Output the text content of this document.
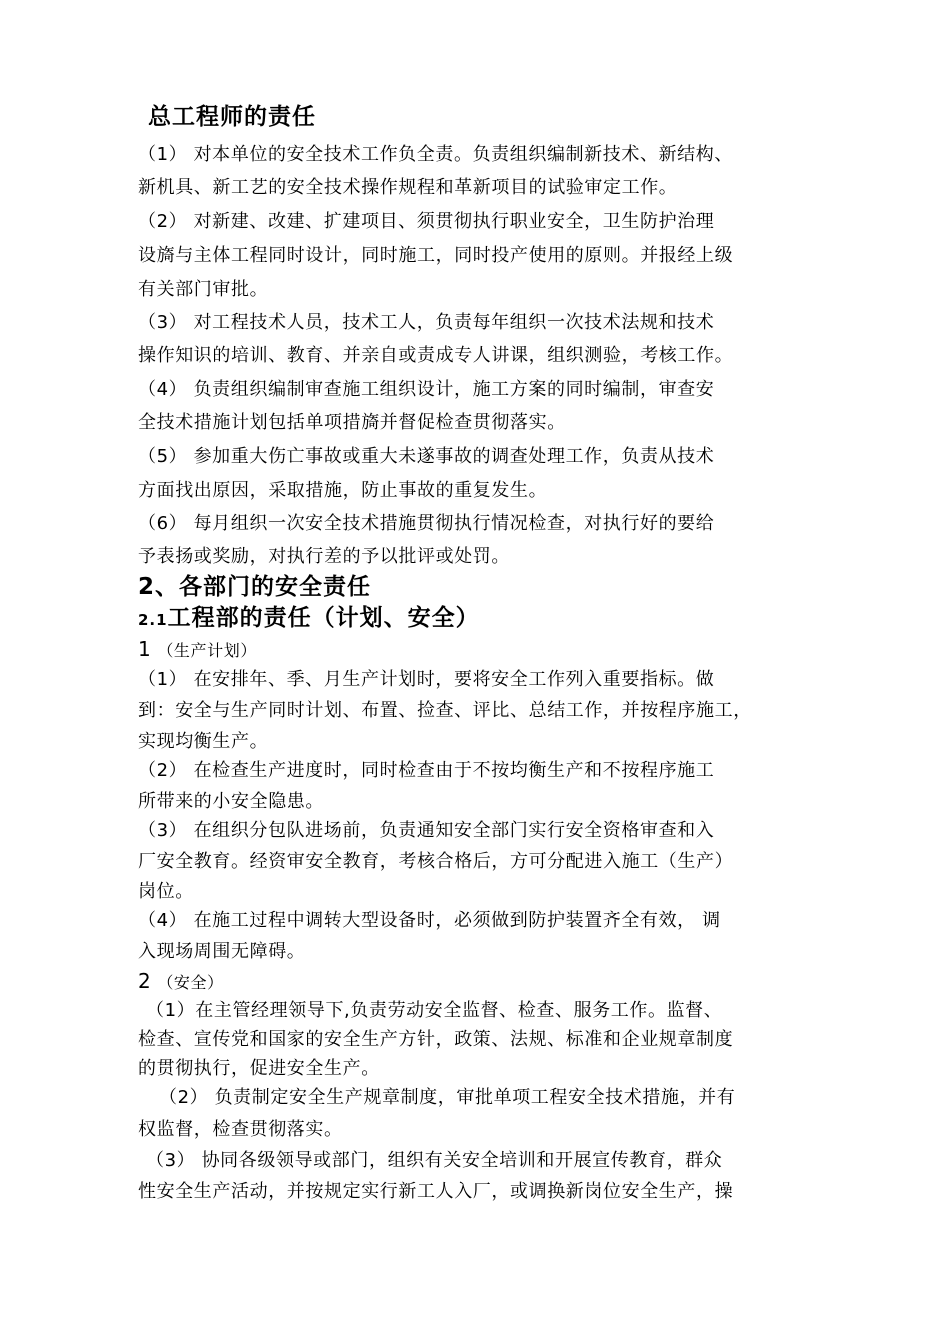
总工程师的责任
（1） 对本单位的安全技术工作负全责。负责组织编制新技术、新结构、
新机具、新工艺的安全技术操作规程和革新项目的试验审定工作。
（2） 对新建、改建、扩建项目、须贯彻执行职业安全，卫生防护治理
设旖与主体工程同时设计，同时施工，同时投产使用的原则。并报经上级
有关部门审批。
（3） 对工程技术人员，技术工人，负责每年组织一次技术法规和技术
操作知识的培训、教育、并亲自或责成专人讲课，组织测验，考核工作。
（4） 负责组织编制审查施工组织设计，施工方案的同时编制，审查安
全技术措施计划包括单项措旖并督促检查贯彻落实。
（5） 参加重大伤亡事故或重大未遂事故的调查处理工作，负责从技术
方面找出原因，采取措施，防止事故的重复发生。
（6） 每月组织一次安全技术措施贯彻执行情况检查，对执行好的要给
予表扬或奖励，对执行差的予以批评或处罚。
2、各部门的安全责任
2.1工程部的责任（计划、安全）
1 （生产计划）
（1） 在安排年、季、月生产计划时，要将安全工作列入重要指标。做
到：安全与生产同时计划、布置、捡查、评比、总结工作，并按程序施工，
实现均衡生产。
（2） 在检查生产进度时，同时检查由于不按均衡生产和不按程序施工
所带来的小安全隐患。
（3） 在组织分包队进场前，负责通知安全部门实行安全资格审查和入
厂安全教育。经资审安全教育，考核合格后，方可分配进入施工（生产）
岗位。
（4） 在施工过程中调转大型设备时，必须做到防护装置齐全有效， 调
入现场周围无障碍。
2 （安全）
（1）在主管经理领导下,负责劳动安全监督、检查、服务工作。监督、
检查、宣传党和国家的安全生产方针，政策、法规、标准和企业规章制度
的贯彻执行，促进安全生产。
（2） 负责制定安全生产规章制度，审批单项工程安全技术措施，并有
权监督，检查贯彻落实。
（3） 协同各级领导或部门，组织有关安全培训和开展宣传教育，群众
性安全生产活动，并按规定实行新工人入厂，或调换新岗位安全生产，操
